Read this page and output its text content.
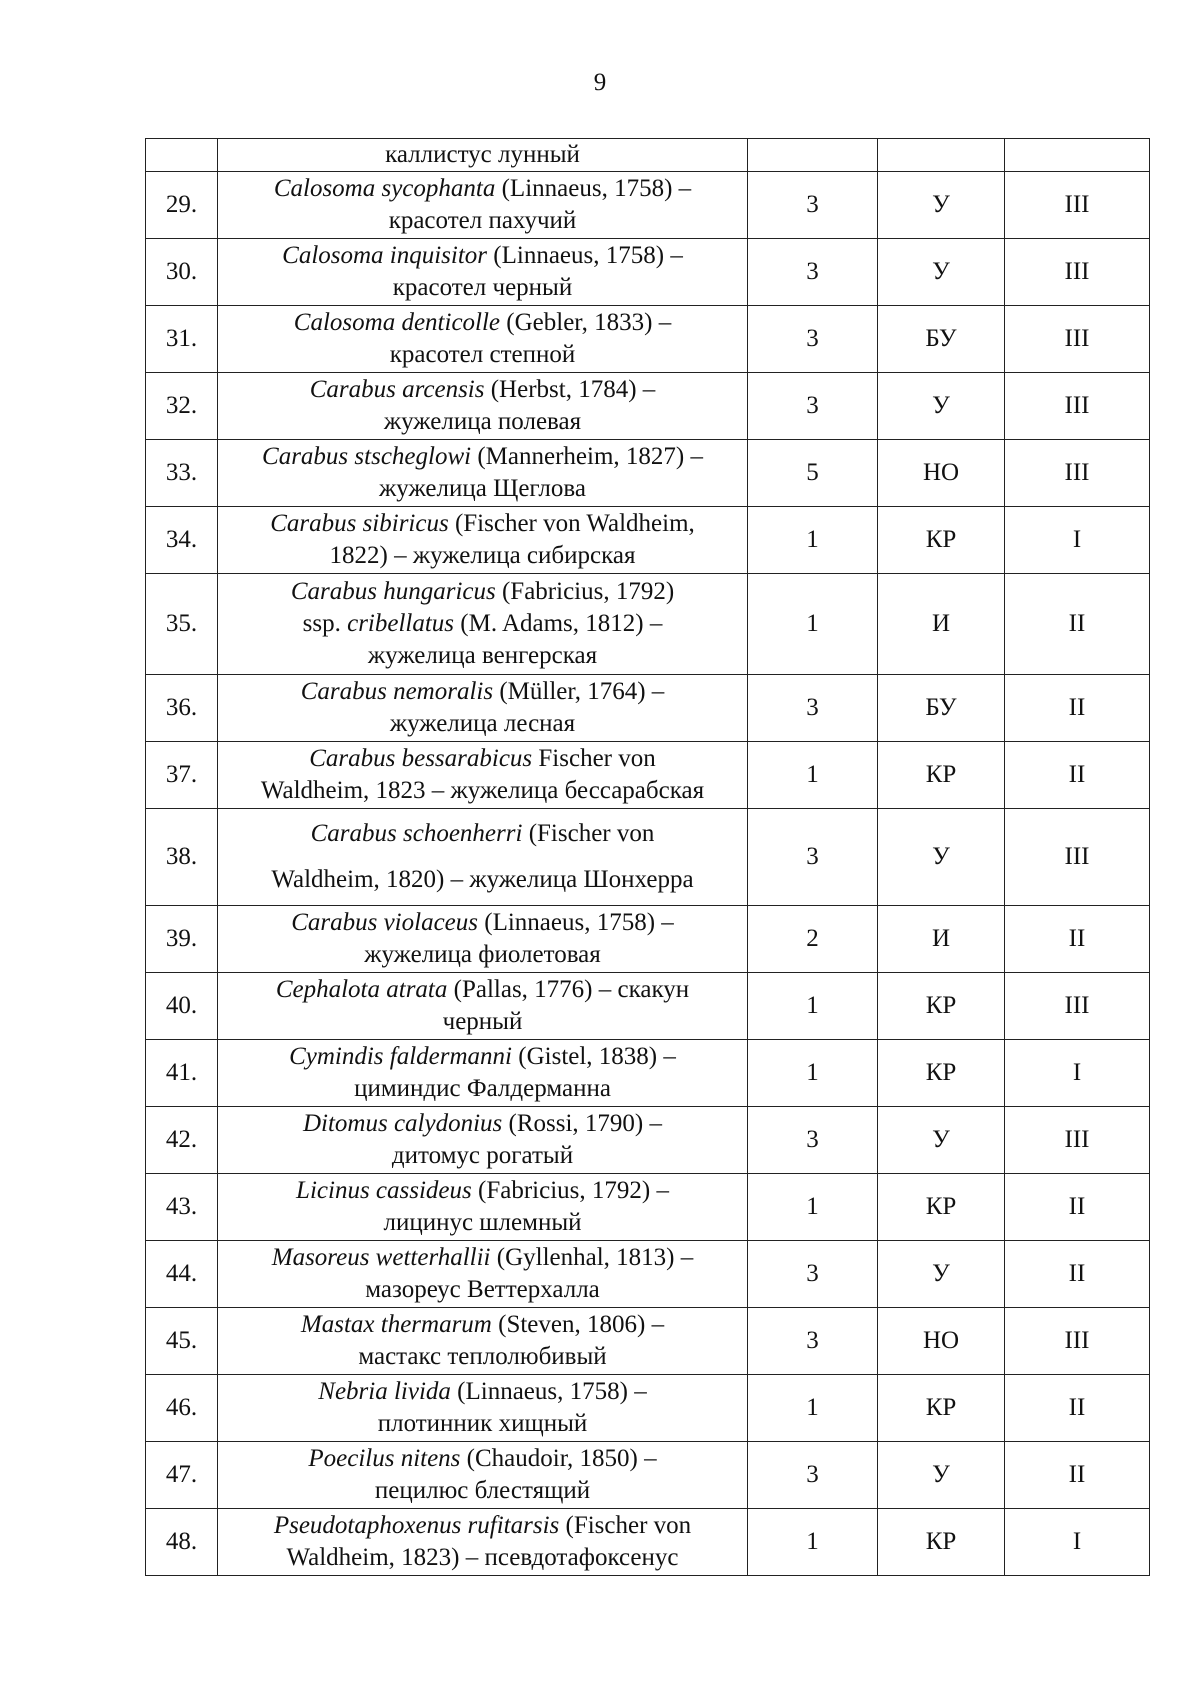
9
	каллистус лунный			
29.	Calosoma sycophanta (Linnaeus, 1758) –
красотел пахучий	3	У	III
30.	Calosoma inquisitor (Linnaeus, 1758) –
красотел черный	3	У	III
31.	Calosoma denticolle (Gebler, 1833) –
красотел степной	3	БУ	III
32.	Carabus arcensis (Herbst, 1784) –
жужелица полевая	3	У	III
33.	Carabus stscheglowi (Mannerheim, 1827) –
жужелица Щеглова	5	НО	III
34.	Carabus sibiricus (Fischer von Waldheim,
1822) – жужелица сибирская	1	КР	I
35.	Carabus hungaricus (Fabricius, 1792)
ssp. cribellatus (M. Adams, 1812) –
жужелица венгерская	1	И	II
36.	Carabus nemoralis (Müller, 1764) –
жужелица лесная	3	БУ	II
37.	Carabus bessarabicus Fischer von
Waldheim, 1823 – жужелица бессарабская	1	КР	II
38.	Carabus schoenherri (Fischer von
Waldheim, 1820) – жужелица Шонхерра	3	У	III
39.	Carabus violaceus (Linnaeus, 1758) –
жужелица фиолетовая	2	И	II
40.	Cephalota atrata (Pallas, 1776) – скакун
черный	1	КР	III
41.	Cymindis faldermanni (Gistel, 1838) –
циминдис Фалдерманна	1	КР	I
42.	Ditomus calydonius (Rossi, 1790) –
дитомус рогатый	3	У	III
43.	Licinus cassideus (Fabricius, 1792) –
лицинус шлемный	1	КР	II
44.	Masoreus wetterhallii (Gyllenhal, 1813) –
мазореус Веттерхалла	3	У	II
45.	Mastax thermarum (Steven, 1806) –
мастакс теплолюбивый	3	НО	III
46.	Nebria livida (Linnaeus, 1758) –
плотинник хищный	1	КР	II
47.	Poecilus nitens (Chaudoir, 1850) –
пецилюс блестящий	3	У	II
48.	Pseudotaphoxenus rufitarsis (Fischer von
Waldheim, 1823) – псевдотафоксенус	1	КР	I
